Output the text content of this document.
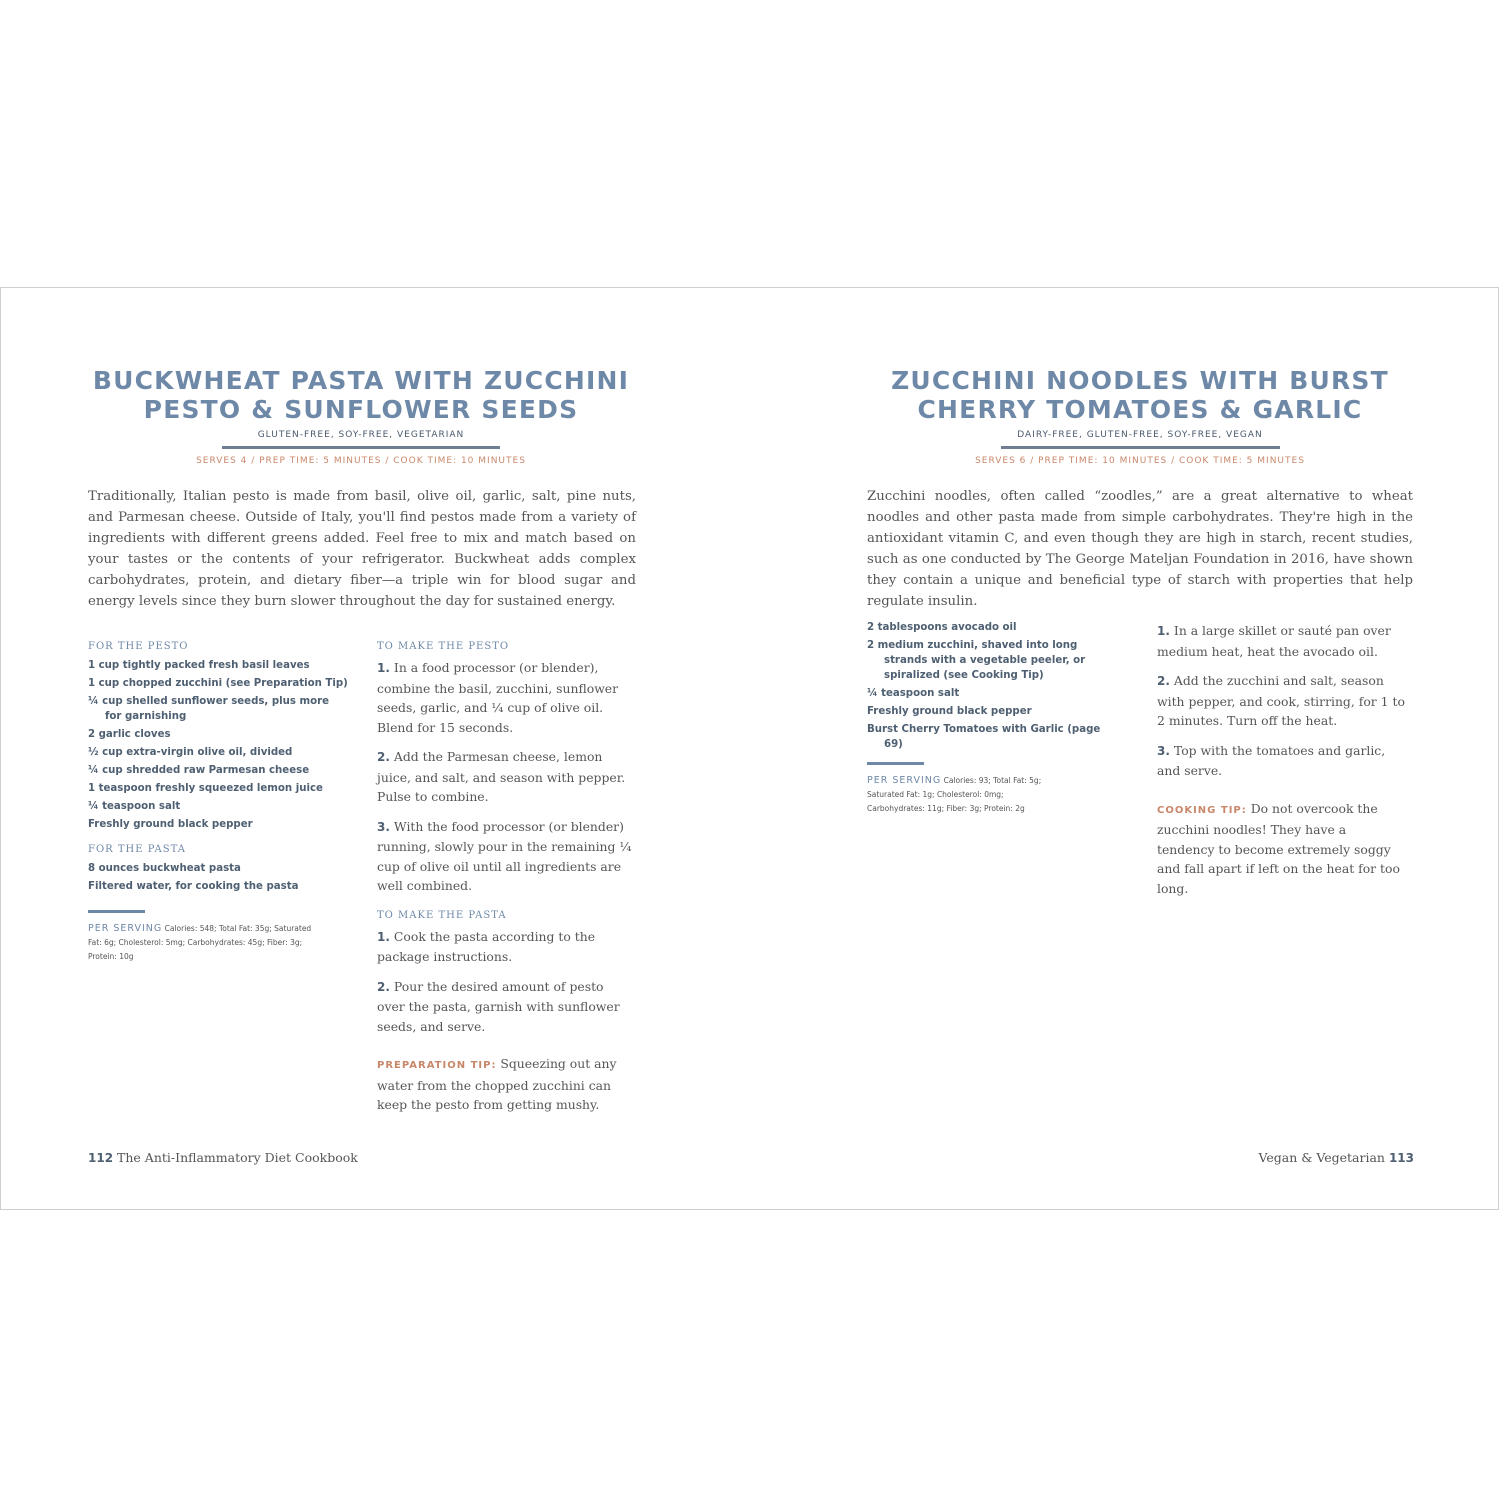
BUCKWHEAT PASTA WITH ZUCCHINI
PESTO & SUNFLOWER SEEDS
GLUTEN-FREE, SOY-FREE, VEGETARIAN
SERVES 4 / PREP TIME: 5 MINUTES / COOK TIME: 10 MINUTES

Traditionally, Italian pesto is made from basil, olive oil, garlic, salt, pine nuts, and Parmesan cheese. Outside of Italy, you'll find pestos made from a variety of ingredients with different greens added. Feel free to mix and match based on your tastes or the contents of your refrigerator. Buckwheat adds complex carbohydrates, protein, and dietary fiber—a triple win for blood sugar and energy levels since they burn slower throughout the day for sustained energy.

FOR THE PESTO
1 cup tightly packed fresh basil leaves
1 cup chopped zucchini (see Preparation Tip)
¼ cup shelled sunflower seeds, plus more for garnishing
2 garlic cloves
½ cup extra-virgin olive oil, divided
¼ cup shredded raw Parmesan cheese
1 teaspoon freshly squeezed lemon juice
¼ teaspoon salt
Freshly ground black pepper
FOR THE PASTA
8 ounces buckwheat pasta
Filtered water, for cooking the pasta

PER SERVING Calories: 548; Total Fat: 35g; Saturated Fat: 6g; Cholesterol: 5mg; Carbohydrates: 45g; Fiber: 3g; Protein: 10g

TO MAKE THE PESTO
1. In a food processor (or blender), combine the basil, zucchini, sunflower seeds, garlic, and ¼ cup of olive oil. Blend for 15 seconds.
2. Add the Parmesan cheese, lemon juice, and salt, and season with pepper. Pulse to combine.
3. With the food processor (or blender) running, slowly pour in the remaining ¼ cup of olive oil until all ingredients are well combined.
TO MAKE THE PASTA
1. Cook the pasta according to the package instructions.
2. Pour the desired amount of pesto over the pasta, garnish with sunflower seeds, and serve.

PREPARATION TIP: Squeezing out any water from the chopped zucchini can keep the pesto from getting mushy.

112 The Anti-Inflammatory Diet Cookbook
ZUCCHINI NOODLES WITH BURST
CHERRY TOMATOES & GARLIC
DAIRY-FREE, GLUTEN-FREE, SOY-FREE, VEGAN
SERVES 6 / PREP TIME: 10 MINUTES / COOK TIME: 5 MINUTES

Zucchini noodles, often called “zoodles,” are a great alternative to wheat noodles and other pasta made from simple carbohydrates. They're high in the antioxidant vitamin C, and even though they are high in starch, recent studies, such as one conducted by The George Mateljan Foundation in 2016, have shown they contain a unique and beneficial type of starch with properties that help regulate insulin.

2 tablespoons avocado oil
2 medium zucchini, shaved into long strands with a vegetable peeler, or spiralized (see Cooking Tip)
¼ teaspoon salt
Freshly ground black pepper
Burst Cherry Tomatoes with Garlic (page 69)

PER SERVING Calories: 93; Total Fat: 5g; Saturated Fat: 1g; Cholesterol: 0mg; Carbohydrates: 11g; Fiber: 3g; Protein: 2g

1. In a large skillet or sauté pan over medium heat, heat the avocado oil.
2. Add the zucchini and salt, season with pepper, and cook, stirring, for 1 to 2 minutes. Turn off the heat.
3. Top with the tomatoes and garlic, and serve.

COOKING TIP: Do not overcook the zucchini noodles! They have a tendency to become extremely soggy and fall apart if left on the heat for too long.

Vegan & Vegetarian 113
